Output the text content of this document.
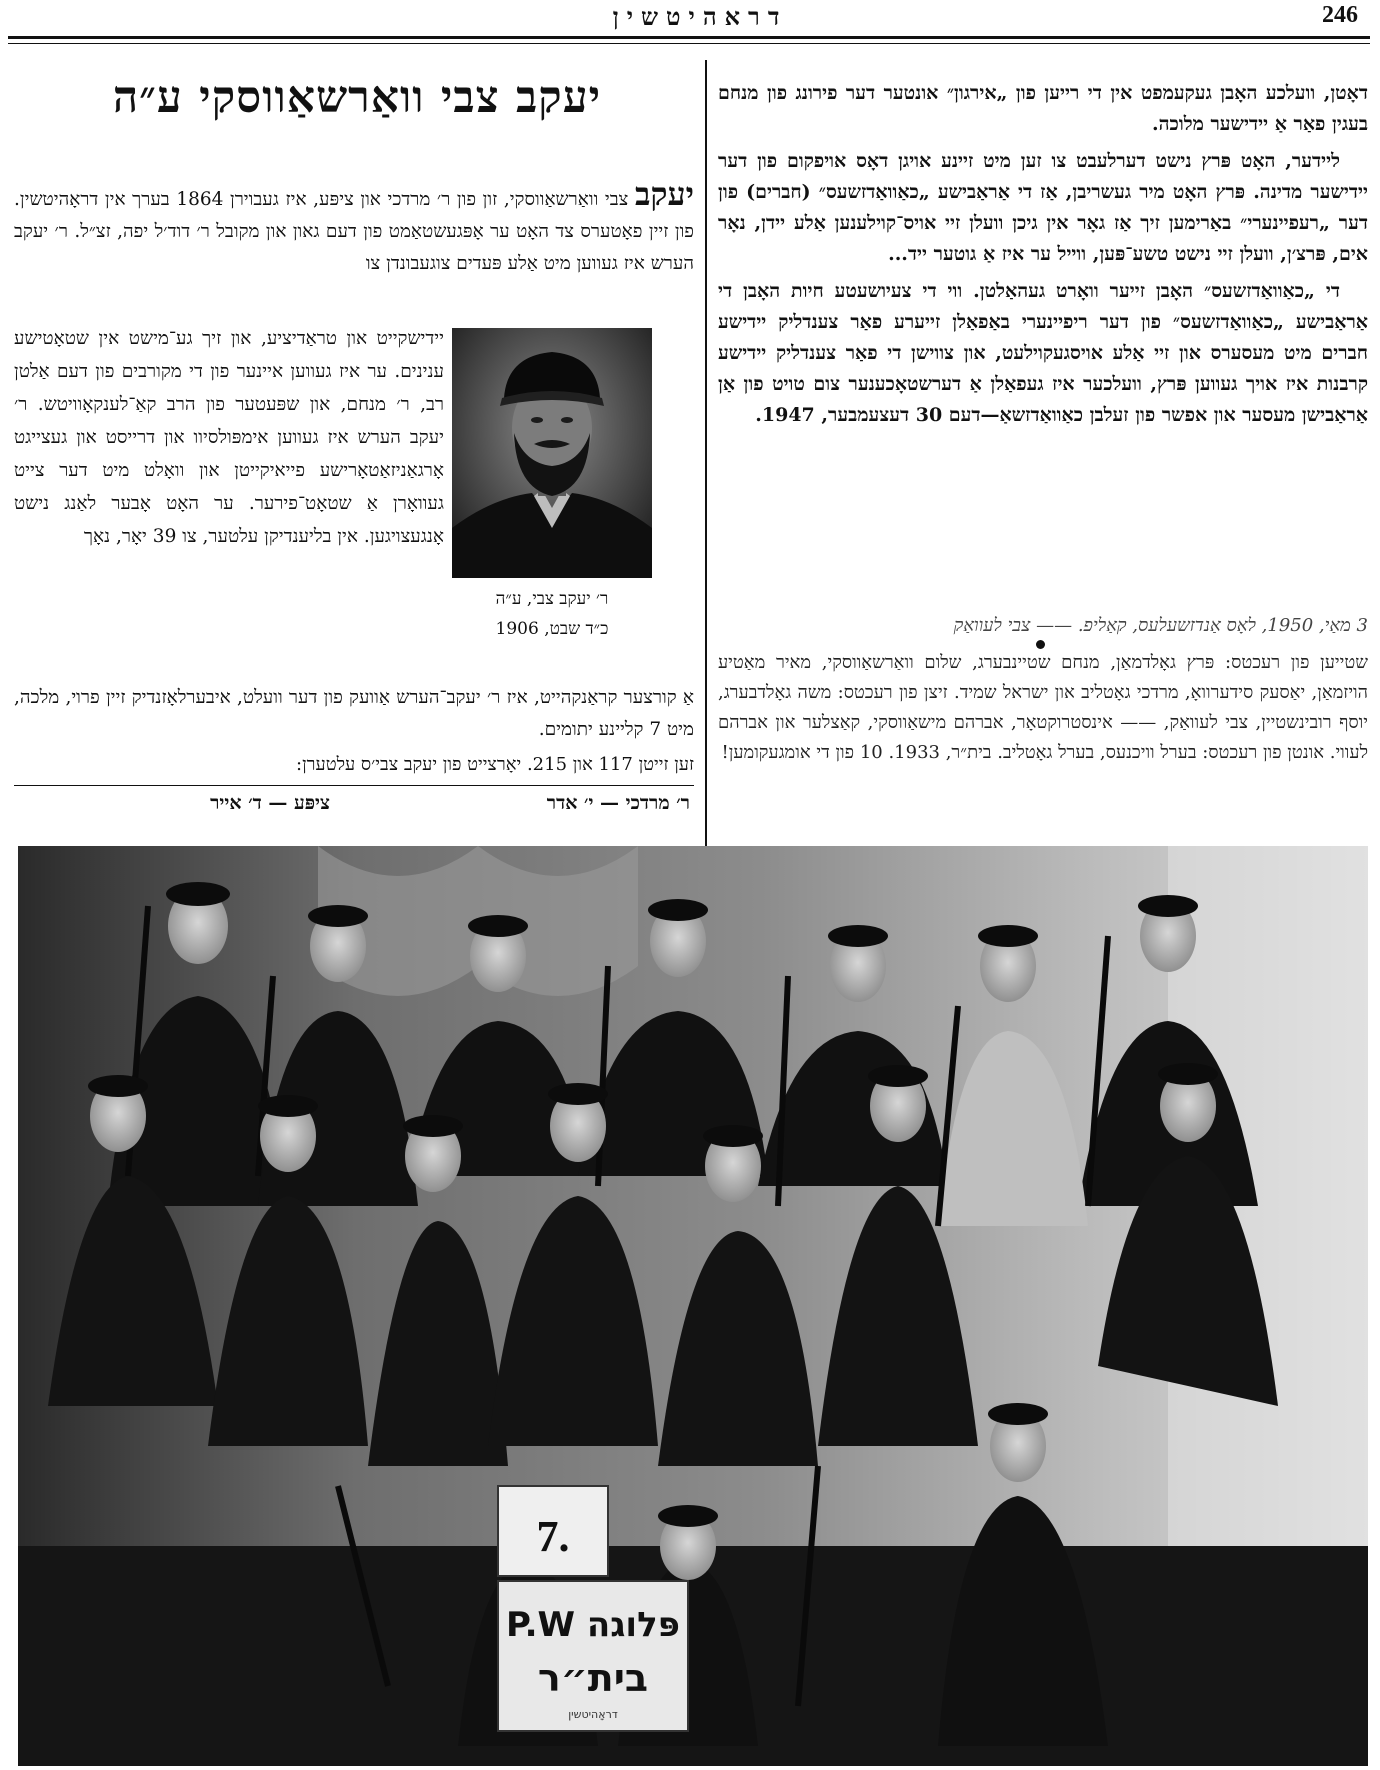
246
דראהיטשין

דאָטן, וועלכע האָבן געקעמפט אין די רייען פון „אירגון״ אונטער דער פירונג פון מנחם בעגין פאַר אַ יידישער מלוכה.

ליידער, האָט פּרץ נישט דערלעבט צו זען מיט זיינע אויגן דאָס אויפקום פון דער יידישער מדינה. פּרץ האָט מיר געשריבן, אַז די אַראַבישע „כאַוואַדזשעס״ (חברים) פון דער „רעפיינערי״ באַרימען זיך אַז גאָר אין גיכן וועלן זיי אויס־קוילענען אַלע יידן, נאָר אים, פּרצ׳ן, וועלן זיי נישט טשע־פּען, ווייל ער איז אַ גוטער ייד...

די „כאַוואַדזשעס״ האָבן זייער וואָרט געהאַלטן. ווי די צעיושעטע חיות האָבן די אַראַבישע „כאַוואַדזשעס״ פון דער ריפיינערי באַפאַלן זייערע פאַר צענדליק יידישע חברים מיט מעסערס און זיי אַלע אויסגעקוילעט, און צווישן די פאַר צענדליק יידישע קרבנות איז אויך געווען פּרץ, וועלכער איז געפאַלן אַ דערשטאָכענער צום טויט פון אַן אַראַבישן מעסער און אפשר פון זעלבן כאַוואַדזשאַ—דעם 30 דעצעמבער, 1947.

3 מאַי, 1950, לאָס אַנדזשעלעס, קאַליפ. —— צבי לעוואַק
שטייען פון רעכטס: פּרץ גאָלדמאַן, מנחם שטיינבערג, שלום וואַרשאַווסקי, מאיר מאַטיע הויזמאַן, יאַסעק סידערוואָ, מרדכי גאָטליב און ישראל שמיד. זיצן פון רעכטס: משה גאָלדבערג, יוסף רובינשטיין, צבי לעוואַק, —— אינסטרוקטאָר, אברהם מישאַווסקי, קאַצלער און אברהם לעווי. אונטן פון רעכטס: בערל וויכנעס, בערל גאָטליב. בית״ר, 1933. 10 פון די אומגעקומען!
יעקב צבי וואַרשאַווסקי ע״ה
יעקב צבי וואַרשאַווסקי, זון פון ר׳ מרדכי און ציפּע, איז געבוירן 1864 בערך אין דראָהיטשין. פון זיין פאָטערס צד האָט ער אָפּגעשטאַמט פון דעם גאון און מקובל ר׳ דוד׳ל יפה, זצ״ל. ר׳ יעקב הערש איז געווען מיט אַלע פּעדים צוגעבונדן צו
יידישקייט און טראַדיציע, און זיך גע־מישט אין שטאָטישע ענינים. ער איז געווען איינער פון די מקורבים פון דעם אַלטן רב, ר׳ מנחם, און שפּעטער פון הרב קאַ־לענקאָוויטש. ר׳ יעקב הערש איז געווען אימפּולסיוו און דרייסט און געצייגט אָרגאַניזאַטאָרישע פייאיקייטן און וואָלט מיט דער צייט געוואָרן אַ שטאָט־פירער. ער האָט אָבער לאַנג נישט אָנגעצויגען. אין בליענדיקן עלטער, צו 39 יאָר, נאָך
ר׳ יעקב צבי, ע״ה
כ״ד שבט, 1906
אַ קורצער קראַנקהייט, איז ר׳ יעקב־הערש אַוועק פון דער וועלט, איבערלאָזנדיק זיין פרוי, מלכה, מיט 7 קליינע יתומים.
זען זייטן 117 און 215. יאָרצייט פון יעקב צבי׳ס עלטערן:
ר׳ מרדכי — י׳ אדר
ציפּע — ד׳ אייר
7.
פּלוגה P.W
בית״ר
דראָהיטשין
